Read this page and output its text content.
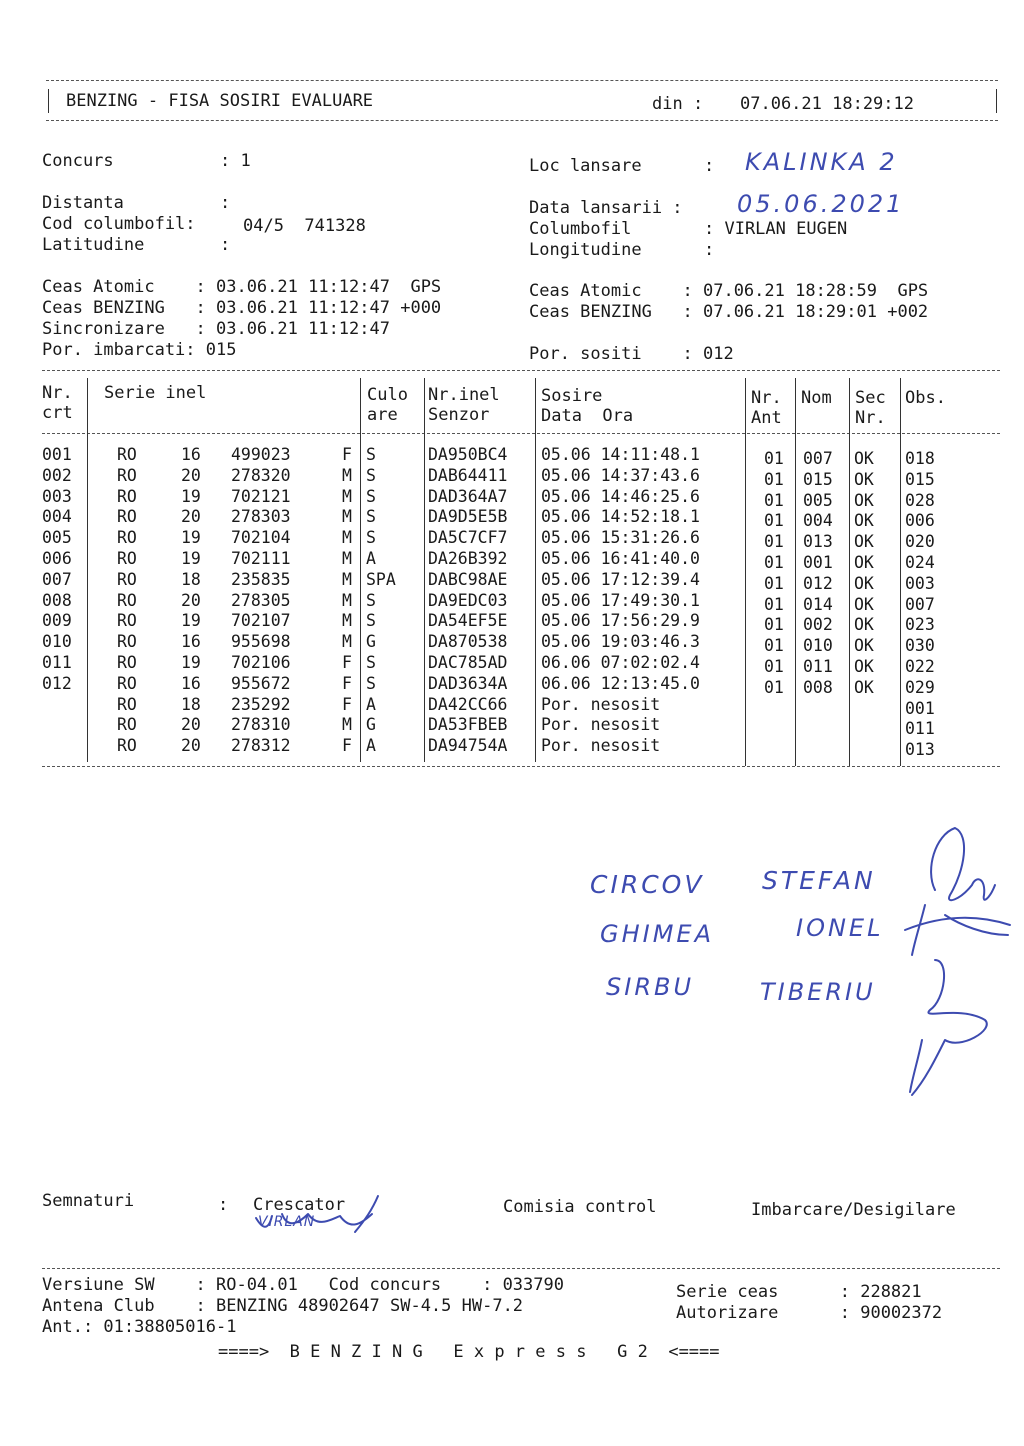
BENZING - FISA SOSIRI EVALUARE	din : 07.06.21 18:29:12
Concurs	: 1
Distanta	:
Cod columbofil:	04/5  741328
Latitudine	:
Loc lansare	: KALINKA 2
Data lansarii : 05.06.2021
Columbofil	: VIRLAN EUGEN
Longitudine	:
Ceas Atomic    : 03.06.21 11:12:47  GPS
Ceas BENZING   : 03.06.21 11:12:47 +000
Sincronizare   : 03.06.21 11:12:47
Por. imbarcati: 015
Ceas Atomic    : 07.06.21 18:28:59  GPS
Ceas BENZING   : 07.06.21 18:29:01 +002
Por. sositi    : 012
Nr.
crt
Serie inel	Culo
are
Nr.inel
Senzor
Sosire
Data  Ora
Nr.
Ant
Nom Sec
Nr.
Obs.
001	RO	16 499023	F S	DA950BC4 05.06 14:11:48.1	01 007 OK 018
002	RO	20 278320	M S	DAB64411 05.06 14:37:43.6	01 015 OK 015
003	RO	19 702121	M S	DAD364A7 05.06 14:46:25.6	01 005 OK 028
004	RO	20 278303	M S	DA9D5E5B 05.06 14:52:18.1	01 004 OK 006
005	RO	19 702104	M S	DA5C7CF7 05.06 15:31:26.6	01 013 OK 020
006	RO	19 702111	M A	DA26B392 05.06 16:41:40.0	01 001 OK 024
007	RO	18 235835	M SPA DABC98AE 05.06 17:12:39.4	01 012 OK 003
008	RO	20 278305	M S	DA9EDC03 05.06 17:49:30.1	01 014 OK 007
009	RO	19 702107	M S	DA54EF5E 05.06 17:56:29.9	01 002 OK 023
010	RO	16 955698	M G	DA870538 05.06 19:03:46.3	01 010 OK 030
011	RO	19 702106	F S	DAC785AD 06.06 07:02:02.4	01 011 OK 022
012	RO	16 955672	F S	DAD3634A 06.06 12:13:45.0	01 008 OK 029
RO	18 235292	F A	DA42CC66 Por. nesosit	001
RO	20 278310	M G	DA53FBEB Por. nesosit	011
RO	20 278312	F A	DA94754A Por. nesosit	013
CIRCOV STEFAN
GHIMEA	IONEL
SIRBU	TIBERIU
Semnaturi	: Crescator
VIRLAN
Comisia control	Imbarcare/Desigilare
Versiune SW    : RO-04.01   Cod concurs    : 033790
Antena Club    : BENZING 48902647 SW-4.5 HW-7.2
Ant.: 01:38805016-1
Serie ceas      : 228821
Autorizare      : 90002372
====>  B E N Z I N G   E x p r e s s   G 2  <====
